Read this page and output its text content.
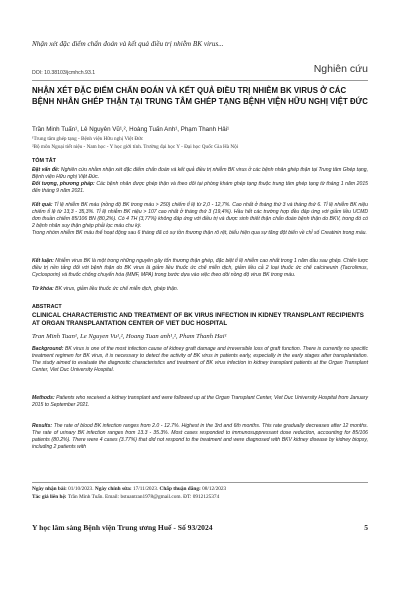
Nhận xét đặc điểm chẩn đoán và kết quả điều trị nhiễm BK virus...
DOI: 10.38103/jcmhch.93.1	Nghiên cứu
NHẬN XÉT ĐẶC ĐIỂM CHẨN ĐOÁN VÀ KẾT QUẢ ĐIỀU TRỊ NHIỄM BK VIRUS Ở CÁC BỆNH NHÂN GHÉP THẬN TẠI TRUNG TÂM GHÉP TẠNG BỆNH VIỆN HỮU NGHỊ VIỆT ĐỨC
Trần Minh Tuấn¹, Lê Nguyên Vũ¹,², Hoàng Tuấn Anh¹, Phạm Thanh Hải¹
¹Trung tâm ghép tạng - Bệnh viện Hữu nghị Việt Đức
²Bộ môn Ngoại tiết niệu - Nam học - Y học giới tính. Trường đại học Y - Đại học Quốc Gia Hà Nội
TÓM TẮT

Đặt vấn đề: Nghiên cứu nhằm nhận xét đặc điểm chẩn đoán và kết quả điều trị nhiễm BK virus ở các bệnh nhân ghép thận tại Trung tâm Ghép tạng, Bệnh viện Hữu nghị Việt Đức.

Đối tượng, phương pháp: Các bệnh nhân được ghép thận và theo dõi tại phòng khám ghép tạng thuộc trung tâm ghép tạng từ tháng 1 năm 2015 đến tháng 9 năm 2021.

Kết quả: Tỉ lệ nhiễm BK máu (nồng độ BK trong máu > 250) chiếm tỉ lệ từ 2,0 - 12,7%. Cao nhất ở tháng thứ 3 và tháng thứ 6. Tỉ lệ nhiễm BK niệu chiếm tỉ lệ từ 13,3 - 35,3%. Tỉ lệ nhiễm BK niệu > 107 cao nhất ở tháng thứ 3 (19,4%). Hầu hết các trường hợp đều đáp ứng với giảm liều UCMD đơn thuần chiếm 85/106 BN (80,2%). Có 4 TH (3,77%) không đáp ứng với điều trị và được sinh thiết thận chẩn đoán bệnh thận do BKV, trong đó có 2 bệnh nhân suy thận ghép phải lọc máu chu kỳ.

Trong nhóm nhiễm BK máu thể hoạt động sau 6 tháng đã có sự tồn thương thận rõ rệt, biểu hiện qua sự tăng đột biến về chỉ số Creatinin trong máu.

Kết luận: Nhiễm virus BK là một trong những nguyên gây tổn thương thận ghép, đặc biệt tỉ lệ nhiễm cao nhất trong 1 năm đầu sau ghép. Chiến lược điều trị nền tảng đối với bệnh thận do BK virus là giảm liều thuốc ức chế miễn dịch, giảm liều cả 2 loại thuốc ức chế calcineurin (Tacrolimus, Cyclosporin) và thuốc chống chuyển hóa (MMF, MPA) trong bước dựa vào việc theo dõi nồng độ virus BK trong máu.

Từ khóa: BK virus, giảm liều thuốc ức chế miễn dịch, ghép thận.
ABSTRACT
CLINICAL CHARACTERISTIC AND TREATMENT OF BK VIRUS INFECTION IN KIDNEY TRANSPLANT RECIPIENTS AT ORGAN TRANSPLANTATION CENTER OF VIET DUC HOSPITAL
Tran Minh Tuan¹, Le Nguyen Vu¹,², Hoang Tuan anh¹,², Pham Thanh Hai¹

Background: BK virus is one of the most infection cause of kidney graft damage and irreversible loss of graft function. There is currently no specific treatment regimen for BK virus, it is necessary to detect the activity of BK virus in patients early, especially in the early stages after transplantation. The study aimed to evaluate the diagnostic characteristics and treatment of BK virus infection in kidney transplant patients at the Organ Transplant Center, Viet Duc University Hospital.

Methods: Patients who received a kidney transplant and were followed up at the Organ Transplant Center, Viet Duc University Hospital from January 2015 to September 2021.

Results: The rate of blood BK infection ranges from 2.0 - 12.7%. Highest in the 3rd and 6th months. This rate gradually decreases after 12 months. The rate of urinary BK infection ranges from 13.3 - 35.3%. Most cases responded to immunosuppressant dose reduction, accounting for 85/106 patients (80.2%). There were 4 cases (3.77%) that did not respond to the treatment and were diagnosed with BKV kidney disease by kidney biopsy, including 2 patients with

Ngày nhận bài: 01/10/2023. Ngày chỉnh sửa: 17/11/2023. Chấp thuận đăng: 08/12/2023
Tác giả liên hệ: Trần Minh Tuấn. Email: bstuantran1978@gmail.com. ĐT: 0912125374
Y học lâm sàng Bệnh viện Trung ương Huế - Số 93/2024	5
